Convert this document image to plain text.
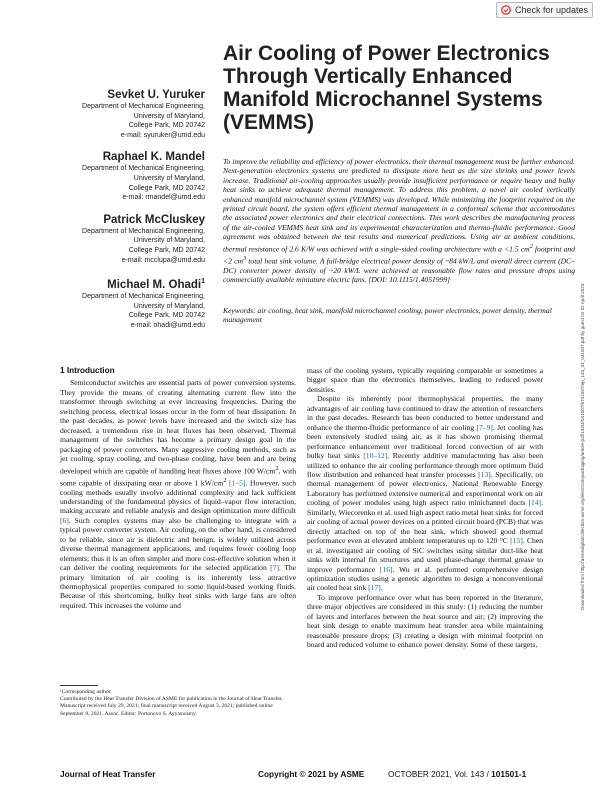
Check for updates
Air Cooling of Power Electronics
Through Vertically Enhanced
Manifold Microchannel Systems
(VEMMS)
Sevket U. Yuruker
Department of Mechanical Engineering,
University of Maryland,
College Park, MD 20742
e-mail: syuruker@umd.edu
Raphael K. Mandel
Department of Mechanical Engineering,
University of Maryland,
College Park, MD 20742
e-mail: rmandel@umd.edu
Patrick McCluskey
Department of Mechanical Engineering,
University of Maryland,
College Park, MD 20742
e-mail: mcclupa@umd.edu
Michael M. Ohadi$^1$
Department of Mechanical Engineering,
University of Maryland,
College Park, MD 20742
e-mail: ohadi@umd.edu

To improve the reliability and efficiency of power electronics, their thermal management must be further enhanced. Next-generation electronics systems are predicted to dissipate more heat as die size shrinks and power levels increase. Traditional air-cooling approaches usually provide insufficient performance or require heavy and bulky heat sinks to achieve adequate thermal management. To address this problem, a novel air cooled vertically enhanced manifold microchannel system (VEMMS) was developed. While minimizing the footprint required on the printed circuit board, the system offers efficient thermal management in a conformal scheme that accommodates the associated power electronics and their electrical connections. This work describes the manufacturing process of the air-cooled VEMMS heat sink and its experimental characterization and thermo-fluidic performance. Good agreement was obtained between the test results and numerical predictions. Using air at ambient conditions, thermal resistance of 2.6 K/W was achieved with a single-sided cooling architecture with a <1.5 $cm^2$ footprint and <2 $cm^3$ total heat sink volume. A full-bridge electrical power density of ~84 kW/L and overall direct current (DC–DC) converter power density of ~20 kW/L were achieved at reasonable flow rates and pressure drops using commercially available miniature electric fans. [DOI: 10.1115/1.4051999]

Keywords: air cooling, heat sink, manifold microchannel cooling, power electronics, power density, thermal management	Downloaded from http://asmedigitalcollection.asme.org/electronicpackaging/article-pdf/143/4/041007/6741557/ep_143_04_041007.pdf by guest on 02 April 2023

1 Introduction

Semiconductor switches are essential parts of power conversion systems. They provide the means of creating alternating current flow into the transformer through switching at ever increasing frequencies. During the switching process, electrical losses occur in the form of heat dissipation. In the past decades, as power levels have increased and the switch size has decreased, a tremendous rise in heat fluxes has been observed. Thermal management of the switches has become a primary design goal in the packaging of power converters. Many aggressive cooling methods, such as jet cooling, spray cooling, and two-phase cooling, have been and are being developed which are capable of handling heat fluxes above 100 $W/cm^2$, with some capable of dissipating near or above 1 $kW/cm^2$ [1–5]. However, such cooling methods usually involve additional complexity and lack sufficient understanding of the fundamental physics of liquid–vapor flow interaction, making accurate and reliable analysis and design optimization more difficult [6]. Such complex systems may also be challenging to integrate with a typical power converter system. Air cooling, on the other hand, is considered to be reliable, since air is dielectric and benign, is widely utilized across diverse thermal management applications, and requires fewer cooling loop elements; thus it is an often simpler and more cost-effective solution when it can deliver the cooling requirements for the selected application [7]. The primary limitation of air cooling is its inherently less attractive thermophysical properties compared to some liquid-based working fluids. Because of this shortcoming, bulky heat sinks with large fans are often required. This increases the volume and

¹Corresponding author.

Contributed by the Heat Transfer Division of ASME for publication in the Journal of Heat Transfer. Manuscript received July 29, 2021; final manuscript received August 3, 2021; published online September 8, 2021. Assoc. Editor: Portonovo S. Ayyaswamy.

mass of the cooling system, typically requiring comparable or sometimes a bigger space than the electronics themselves, leading to reduced power densities.

Despite its inherently poor thermophysical properties, the many advantages of air cooling have continued to draw the attention of researchers in the past decades. Research has been conducted to better understand and enhance the thermo-fluidic performance of air cooling [7–9]. Jet cooling has been extensively studied using air, as it has shown promising thermal performance enhancement over traditional forced convection of air with bulky heat sinks [10–12]. Recently additive manufacturing has also been utilized to enhance the air cooling performance through more optimum fluid flow distribution and enhanced heat transfer processes [13]. Specifically, on thermal management of power electronics, National Renewable Energy Laboratory has performed extensive numerical and experimental work on air cooling of power modules using high aspect ratio minichannel ducts [14]. Similarly, Wiecorenko et al. used high aspect ratio metal heat sinks for forced air cooling of actual power devices on a printed circuit board (PCB) that was directly attached on top of the heat sink, which showed good thermal performance even at elevated ambient temperatures up to 120 °C [15]. Chen et al. investigated air cooling of SiC switches using similar duct-like heat sinks with internal fin structures and used phase-change thermal grease to improve performance [16]. Wu et al. performed comprehensive design optimization studies using a genetic algorithm to design a nonconventional air cooled heat sink [17].

To improve performance over what has been reported in the literature, three major objectives are considered in this study: (1) reducing the number of layers and interfaces between the heat source and air; (2) improving the heat sink design to enable maximum heat transfer area while maintaining reasonable pressure drops; (3) creating a design with minimal footprint on board and reduced volume to enhance power density. Some of these targets,

Journal of Heat Transfer	Copyright © 2021 by ASME	OCTOBER 2021, Vol. 143 / 101501-1
